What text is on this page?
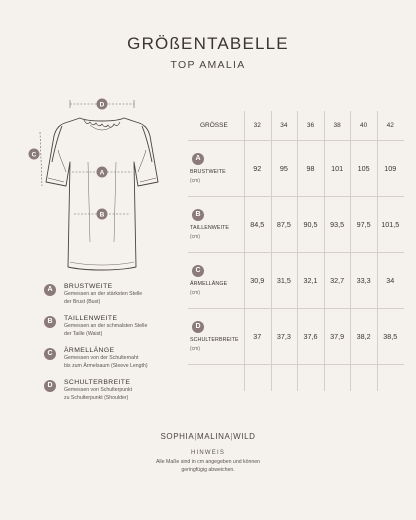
GRÖßENTABELLE
TOP AMALIA
D
A
B
C
A	BRUSTWEITE
Gemessen an der stärksten Stelle
der Brust (Bust)
B	TAILLENWEITE
Gemessen an der schmalsten Stelle
der Taille (Waist)
C	ÄRMELLÄNGE
Gemessen von der Schulternaht
bis zum Ärmelsaum (Sleeve Length)
D	SCHULTERBREITE
Gemessen von Schulterpunkt
zu Schulterpunkt (Shoulder)
GRÖSSE	32	34	36	38	40	42
A
BRUSTWEITE
(cm)
92	95	98	101	105	109
B
TAILLENWEITE
(cm)
84,5	87,5	90,5	93,5	97,5	101,5
C
ÄRMELLÄNGE
(cm)
30,9	31,5	32,1	32,7	33,3	34
D
SCHULTERBREITE
(cm)
37	37,3	37,6	37,9	38,2	38,5
SOPHIA|MALINA|WILD
HINWEIS
Alle Maße sind in cm angegeben und können
geringfügig abweichen.
